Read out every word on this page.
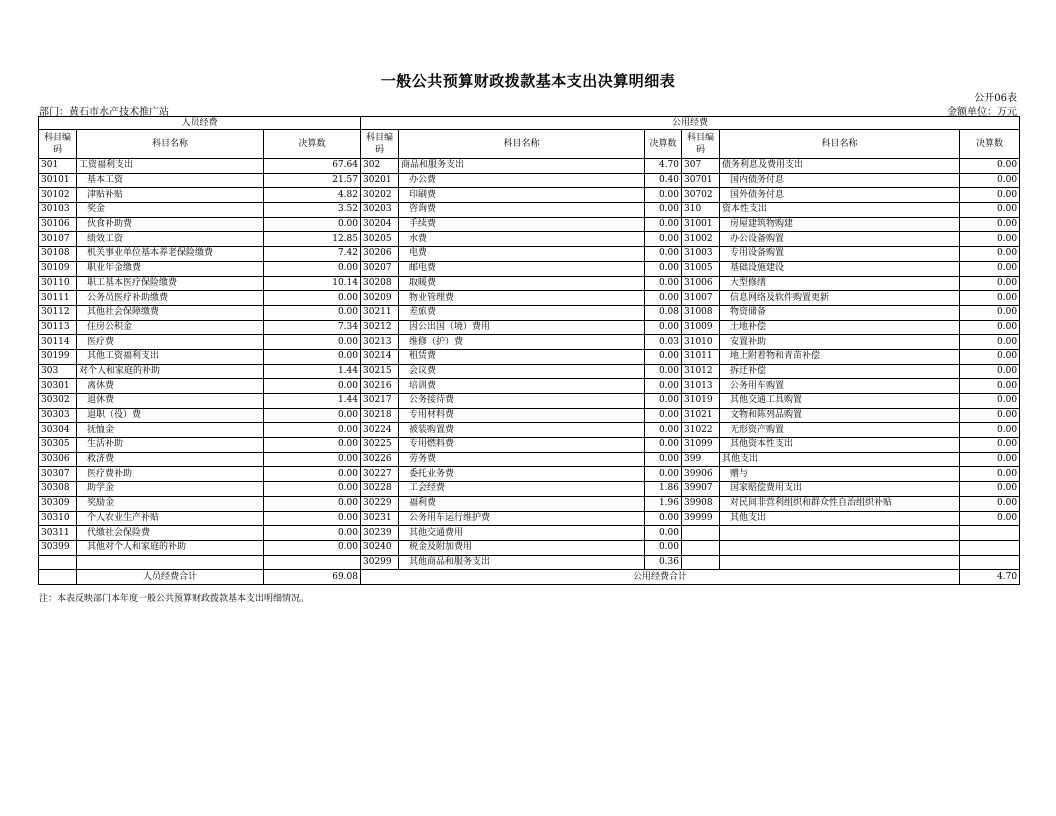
一般公共预算财政拨款基本支出决算明细表
公开06表
部门：黄石市水产技术推广站	金额单位：万元
人员经费			公用经费					
科目编码	科目名称	决算数	科目编码	科目名称	决算数	科目编码	科目名称	决算数
301	工资福利支出	67.64	302	商品和服务支出	4.70	307	债务利息及费用支出	0.00
30101	基本工资	21.57	30201	办公费	0.40	30701	国内债务付息	0.00
30102	津贴补贴	4.82	30202	印刷费	0.00	30702	国外债务付息	0.00
30103	奖金	3.52	30203	咨询费	0.00	310	资本性支出	0.00
30106	伙食补助费	0.00	30204	手续费	0.00	31001	房屋建筑物购建	0.00
30107	绩效工资	12.85	30205	水费	0.00	31002	办公设备购置	0.00
30108	机关事业单位基本养老保险缴费	7.42	30206	电费	0.00	31003	专用设备购置	0.00
30109	职业年金缴费	0.00	30207	邮电费	0.00	31005	基础设施建设	0.00
30110	职工基本医疗保险缴费	10.14	30208	取暖费	0.00	31006	大型修缮	0.00
30111	公务员医疗补助缴费	0.00	30209	物业管理费	0.00	31007	信息网络及软件购置更新	0.00
30112	其他社会保障缴费	0.00	30211	差旅费	0.08	31008	物资储备	0.00
30113	住房公积金	7.34	30212	因公出国（境）费用	0.00	31009	土地补偿	0.00
30114	医疗费	0.00	30213	维修（护）费	0.03	31010	安置补助	0.00
30199	其他工资福利支出	0.00	30214	租赁费	0.00	31011	地上附着物和青苗补偿	0.00
303	对个人和家庭的补助	1.44	30215	会议费	0.00	31012	拆迁补偿	0.00
30301	离休费	0.00	30216	培训费	0.00	31013	公务用车购置	0.00
30302	退休费	1.44	30217	公务接待费	0.00	31019	其他交通工具购置	0.00
30303	退职（役）费	0.00	30218	专用材料费	0.00	31021	文物和陈列品购置	0.00
30304	抚恤金	0.00	30224	被装购置费	0.00	31022	无形资产购置	0.00
30305	生活补助	0.00	30225	专用燃料费	0.00	31099	其他资本性支出	0.00
30306	救济费	0.00	30226	劳务费	0.00	399	其他支出	0.00
30307	医疗费补助	0.00	30227	委托业务费	0.00	39906	赠与	0.00
30308	助学金	0.00	30228	工会经费	1.86	39907	国家赔偿费用支出	0.00
30309	奖励金	0.00	30229	福利费	1.96	39908	对民间非营利组织和群众性自治组织补贴	0.00
30310	个人农业生产补贴	0.00	30231	公务用车运行维护费	0.00	39999	其他支出	0.00
30311	代缴社会保险费	0.00	30239	其他交通费用	0.00			
30399	其他对个人和家庭的补助	0.00	30240	税金及附加费用	0.00			
			30299	其他商品和服务支出	0.36			
	人员经费合计	69.08	公用经费合计					4.70
注：本表反映部门本年度一般公共预算财政拨款基本支出明细情况。
